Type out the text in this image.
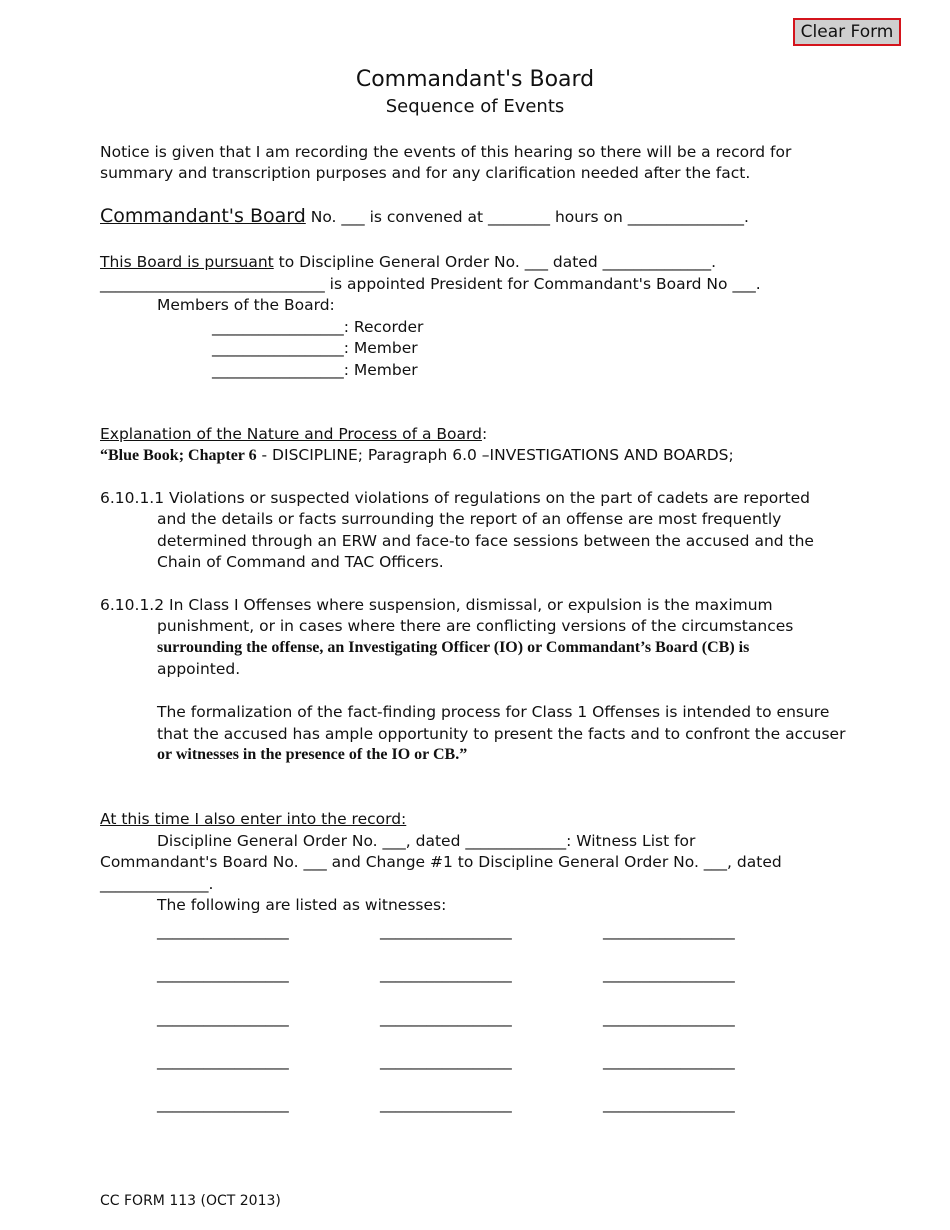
Clear Form
Commandant's Board
Sequence of Events
Notice is given that I am recording the events of this hearing so there will be a record for
summary and transcription purposes and for any clarification needed after the fact.
Commandant's Board No. ___ is convened at ________ hours on _______________.
This Board is pursuant to Discipline General Order No. ___ dated ______________.
_____________________________ is appointed President for Commandant's Board No ___.
Members of the Board:
_________________: Recorder
_________________: Member
_________________: Member
Explanation of the Nature and Process of a Board:
“Blue Book; Chapter 6 - DISCIPLINE; Paragraph 6.0 –INVESTIGATIONS AND BOARDS;
6.10.1.1 Violations or suspected violations of regulations on the part of cadets are reported
and the details or facts surrounding the report of an offense are most frequently
determined through an ERW and face-to face sessions between the accused and the
Chain of Command and TAC Officers.
6.10.1.2 In Class I Offenses where suspension, dismissal, or expulsion is the maximum
punishment, or in cases where there are conflicting versions of the circumstances
surrounding the offense, an Investigating Officer (IO) or Commandant’s Board (CB) is
appointed.
The formalization of the fact-finding process for Class 1 Offenses is intended to ensure
that the accused has ample opportunity to present the facts and to confront the accuser
or witnesses in the presence of the IO or CB.”
At this time I also enter into the record:
Discipline General Order No. ___, dated _____________: Witness List for
Commandant's Board No. ___ and Change #1 to Discipline General Order No. ___, dated
______________.
The following are listed as witnesses:
_________________	_________________	_________________
_________________	_________________	_________________
_________________	_________________	_________________
_________________	_________________	_________________
_________________	_________________	_________________
CC FORM 113 (OCT 2013)
